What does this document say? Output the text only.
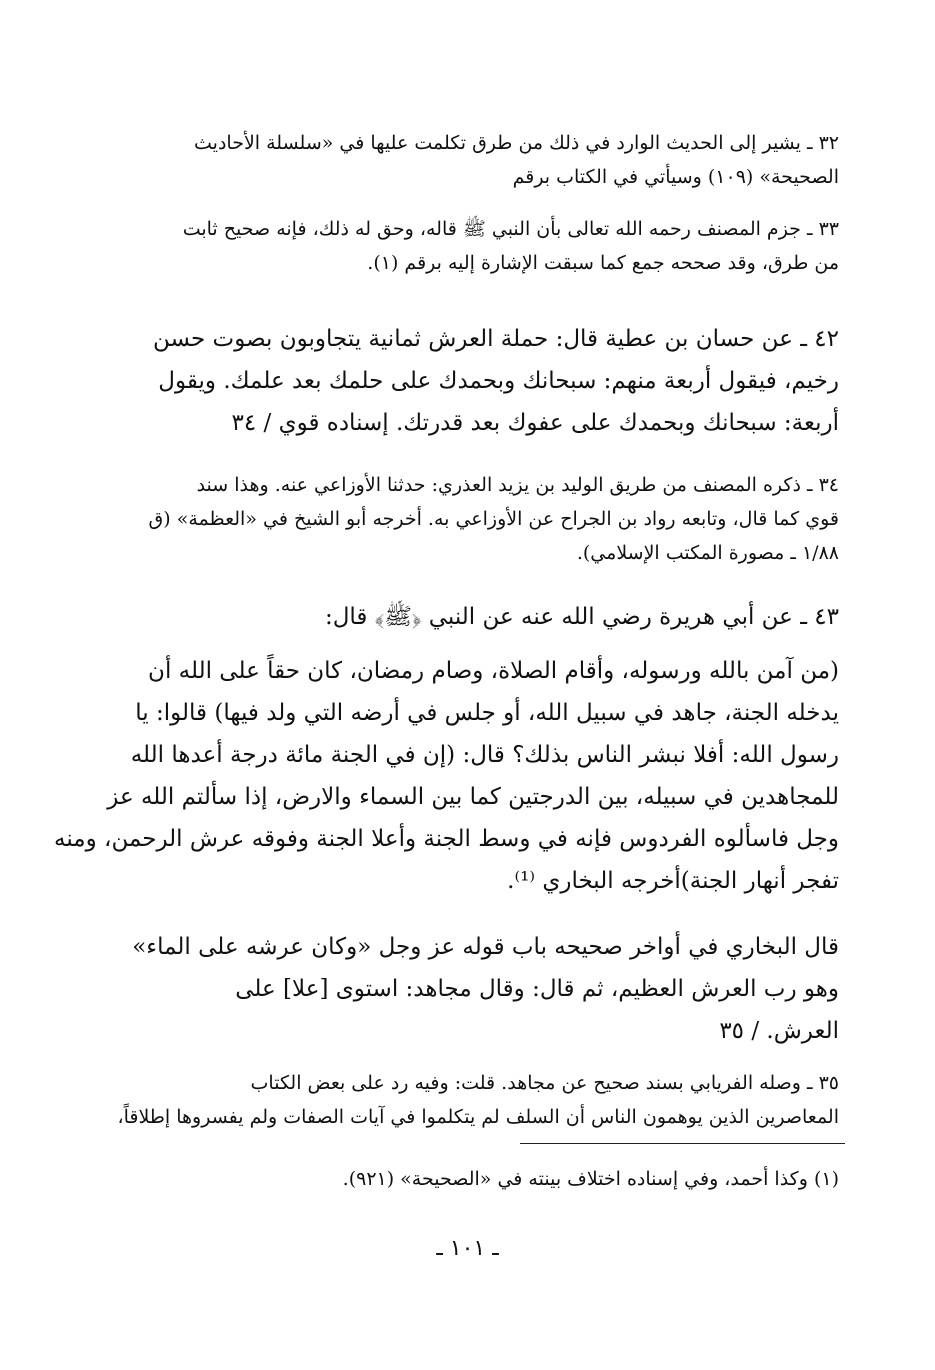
٣٢ ـ يشير إلى الحديث الوارد في ذلك من طرق تكلمت عليها في «سلسلة الأحاديث
الصحيحة» (١٠٩) وسيأتي في الكتاب برقم
٣٣ ـ جزم المصنف رحمه الله تعالى بأن النبي ﷺ قاله، وحق له ذلك، فإنه صحيح ثابت
من طرق، وقد صححه جمع كما سبقت الإشارة إليه برقم (١).
٤٢ ـ عن حسان بن عطية قال: حملة العرش ثمانية يتجاوبون بصوت حسن
رخيم، فيقول أربعة منهم: سبحانك وبحمدك على حلمك بعد علمك. ويقول
أربعة: سبحانك وبحمدك على عفوك بعد قدرتك. إسناده قوي / ٣٤
٣٤ ـ ذكره المصنف من طريق الوليد بن يزيد العذري: حدثنا الأوزاعي عنه. وهذا سند
قوي كما قال، وتابعه رواد بن الجراح عن الأوزاعي به. أخرجه أبو الشيخ في «العظمة» (ق
١/٨٨ ـ مصورة المكتب الإسلامي).
٤٣ ـ عن أبي هريرة رضي الله عنه عن النبي ﴿ﷺ﴾ قال:
(من آمن بالله ورسوله، وأقام الصلاة، وصام رمضان، كان حقاً على الله أن
يدخله الجنة، جاهد في سبيل الله، أو جلس في أرضه التي ولد فيها) قالوا: يا
رسول الله: أفلا نبشر الناس بذلك؟ قال: (إن في الجنة مائة درجة أعدها الله
للمجاهدين في سبيله، بين الدرجتين كما بين السماء والارض، إذا سألتم الله عز
وجل فاسألوه الفردوس فإنه في وسط الجنة وأعلا الجنة وفوقه عرش الرحمن، ومنه
تفجر أنهار الجنة)أخرجه البخاري ⁽¹⁾.
قال البخاري في أواخر صحيحه باب قوله عز وجل «وكان عرشه على الماء»
وهو رب العرش العظيم، ثم قال: وقال مجاهد: استوى [علا] على
العرش. / ٣٥
٣٥ ـ وصله الفريابي بسند صحيح عن مجاهد. قلت: وفيه رد على بعض الكتاب
المعاصرين الذين يوهمون الناس أن السلف لم يتكلموا في آيات الصفات ولم يفسروها إطلاقاً،
(١) وكذا أحمد، وفي إسناده اختلاف بينته في «الصحيحة» (٩٢١).
ـ ١٠١ ـ
